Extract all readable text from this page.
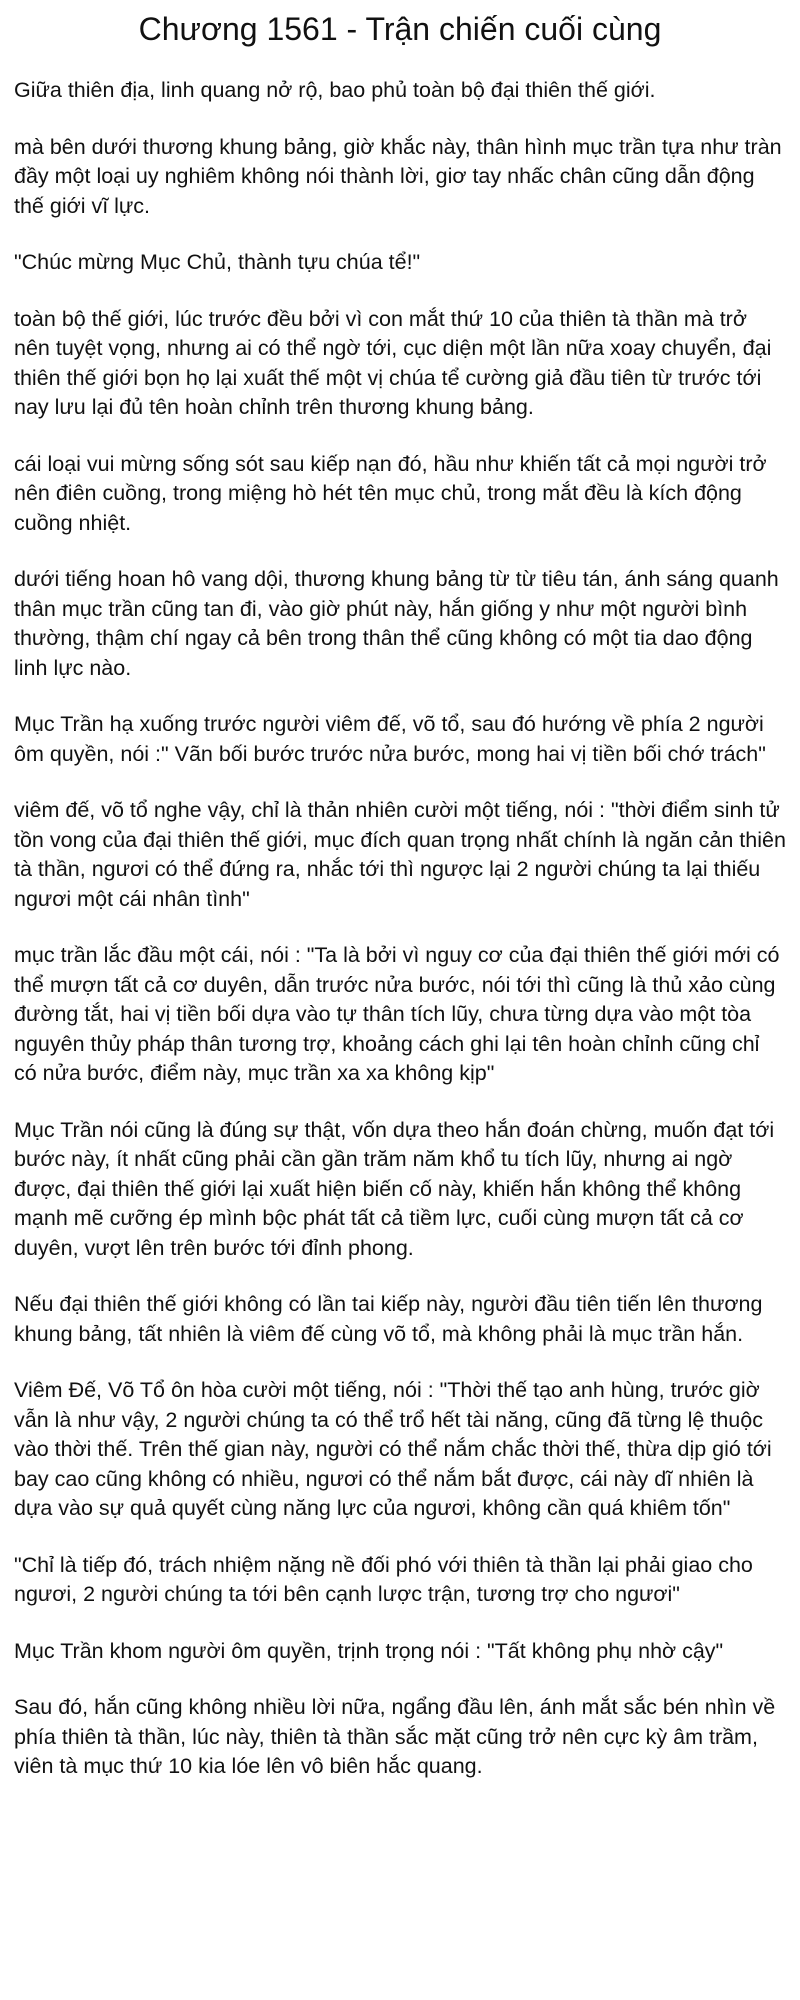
Chương 1561 - Trận chiến cuối cùng

Giữa thiên địa, linh quang nở rộ, bao phủ toàn bộ đại thiên thế giới.

mà bên dưới thương khung bảng, giờ khắc này, thân hình mục trần tựa như tràn đầy một loại uy nghiêm không nói thành lời, giơ tay nhấc chân cũng dẫn động thế giới vĩ lực.

"Chúc mừng Mục Chủ, thành tựu chúa tể!"

toàn bộ thế giới, lúc trước đều bởi vì con mắt thứ 10 của thiên tà thần mà trở nên tuyệt vọng, nhưng ai có thể ngờ tới, cục diện một lần nữa xoay chuyển, đại thiên thế giới bọn họ lại xuất thế một vị chúa tể cường giả đầu tiên từ trước tới nay lưu lại đủ tên hoàn chỉnh trên thương khung bảng.

cái loại vui mừng sống sót sau kiếp nạn đó, hầu như khiến tất cả mọi người trở nên điên cuồng, trong miệng hò hét tên mục chủ, trong mắt đều là kích động cuồng nhiệt.

dưới tiếng hoan hô vang dội, thương khung bảng từ từ tiêu tán, ánh sáng quanh thân mục trần cũng tan đi, vào giờ phút này, hắn giống y như một người bình thường, thậm chí ngay cả bên trong thân thể cũng không có một tia dao động linh lực nào.

Mục Trần hạ xuống trước người viêm đế, võ tổ, sau đó hướng về phía 2 người ôm quyền, nói :" Vãn bối bước trước nửa bước, mong hai vị tiền bối chớ trách"

viêm đế, võ tổ nghe vậy, chỉ là thản nhiên cười một tiếng, nói : "thời điểm sinh tử tồn vong của đại thiên thế giới, mục đích quan trọng nhất chính là ngăn cản thiên tà thần, ngươi có thể đứng ra, nhắc tới thì ngược lại 2 người chúng ta lại thiếu ngươi một cái nhân tình"

mục trần lắc đầu một cái, nói : "Ta là bởi vì nguy cơ của đại thiên thế giới mới có thể mượn tất cả cơ duyên, dẫn trước nửa bước, nói tới thì cũng là thủ xảo cùng đường tắt, hai vị tiền bối dựa vào tự thân tích lũy, chưa từng dựa vào một tòa nguyên thủy pháp thân tương trợ, khoảng cách ghi lại tên hoàn chỉnh cũng chỉ có nửa bước, điểm này, mục trần xa xa không kịp"

Mục Trần nói cũng là đúng sự thật, vốn dựa theo hắn đoán chừng, muốn đạt tới bước này, ít nhất cũng phải cần gần trăm năm khổ tu tích lũy, nhưng ai ngờ được, đại thiên thế giới lại xuất hiện biến cố này, khiến hắn không thể không mạnh mẽ cưỡng ép mình bộc phát tất cả tiềm lực, cuối cùng mượn tất cả cơ duyên, vượt lên trên bước tới đỉnh phong.

Nếu đại thiên thế giới không có lần tai kiếp này, người đầu tiên tiến lên thương khung bảng, tất nhiên là viêm đế cùng võ tổ, mà không phải là mục trần hắn.

Viêm Đế, Võ Tổ ôn hòa cười một tiếng, nói : "Thời thế tạo anh hùng, trước giờ vẫn là như vậy, 2 người chúng ta có thể trổ hết tài năng, cũng đã từng lệ thuộc vào thời thế. Trên thế gian này, người có thể nắm chắc thời thế, thừa dịp gió tới bay cao cũng không có nhiều, ngươi có thể nắm bắt được, cái này dĩ nhiên là dựa vào sự quả quyết cùng năng lực của ngươi, không cần quá khiêm tốn"

"Chỉ là tiếp đó, trách nhiệm nặng nề đối phó với thiên tà thần lại phải giao cho ngươi, 2 người chúng ta tới bên cạnh lược trận, tương trợ cho ngươi"

Mục Trần khom người ôm quyền, trịnh trọng nói : "Tất không phụ nhờ cậy"

Sau đó, hắn cũng không nhiều lời nữa, ngẩng đầu lên, ánh mắt sắc bén nhìn về phía thiên tà thần, lúc này, thiên tà thần sắc mặt cũng trở nên cực kỳ âm trầm, viên tà mục thứ 10 kia lóe lên vô biên hắc quang.
